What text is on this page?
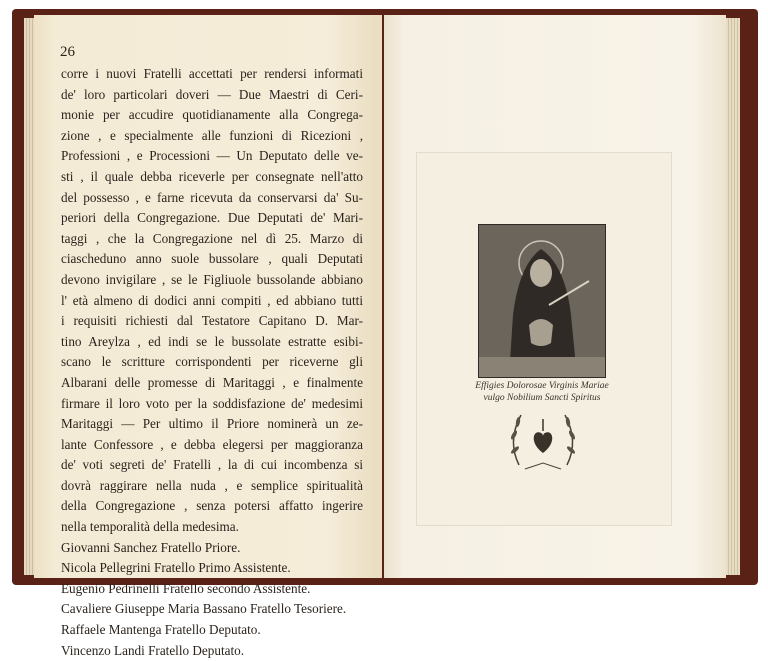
26
corre i nuovi Fratelli accettati per rendersi informati
de' loro particolari doveri — Due Maestri di Ceri-
monie per accudire quotidianamente alla Congrega-
zione , e specialmente alle funzioni di Ricezioni ,
Professioni , e Processioni — Un Deputato delle ve-
sti , il quale debba riceverle per consegnate nell'atto
del possesso , e farne ricevuta da conservarsi da' Su-
periori della Congregazione. Due Deputati de' Mari-
taggi , che la Congregazione nel dì 25. Marzo di
ciascheduno anno suole bussolare , quali Deputati
devono invigilare , se le Figliuole bussolande abbiano
l' età almeno di dodici anni compiti , ed abbiano tutti
i requisiti richiesti dal Testatore Capitano D. Mar-
tino Areylza , ed indi se le bussolate estratte esibi-
scano le scritture corrispondenti per riceverne gli
Albarani delle promesse di Maritaggi , e finalmente
firmare il loro voto per la soddisfazione de' medesimi
Maritaggi — Per ultimo il Priore nominerà un ze-
lante Confessore , e debba elegersi per maggioranza
de' voti segreti de' Fratelli , la di cui incombenza si
dovrà raggirare nella nuda , e semplice spiritualità
della Congregazione , senza potersi affatto ingerire
nella temporalità della medesima.
Giovanni Sanchez Fratello Priore.
Nicola Pellegrini Fratello Primo Assistente.
Eugenio Pedrinelli Fratello secondo Assistente.
Cavaliere Giuseppe Maria Bassano Fratello Tesoriere.
Raffaele Mantenga Fratello Deputato.
Vincenzo Landi Fratello Deputato.
Effigies Dolorosae Virginis Mariae
vulgo Nobilium Sancti Spiritus
